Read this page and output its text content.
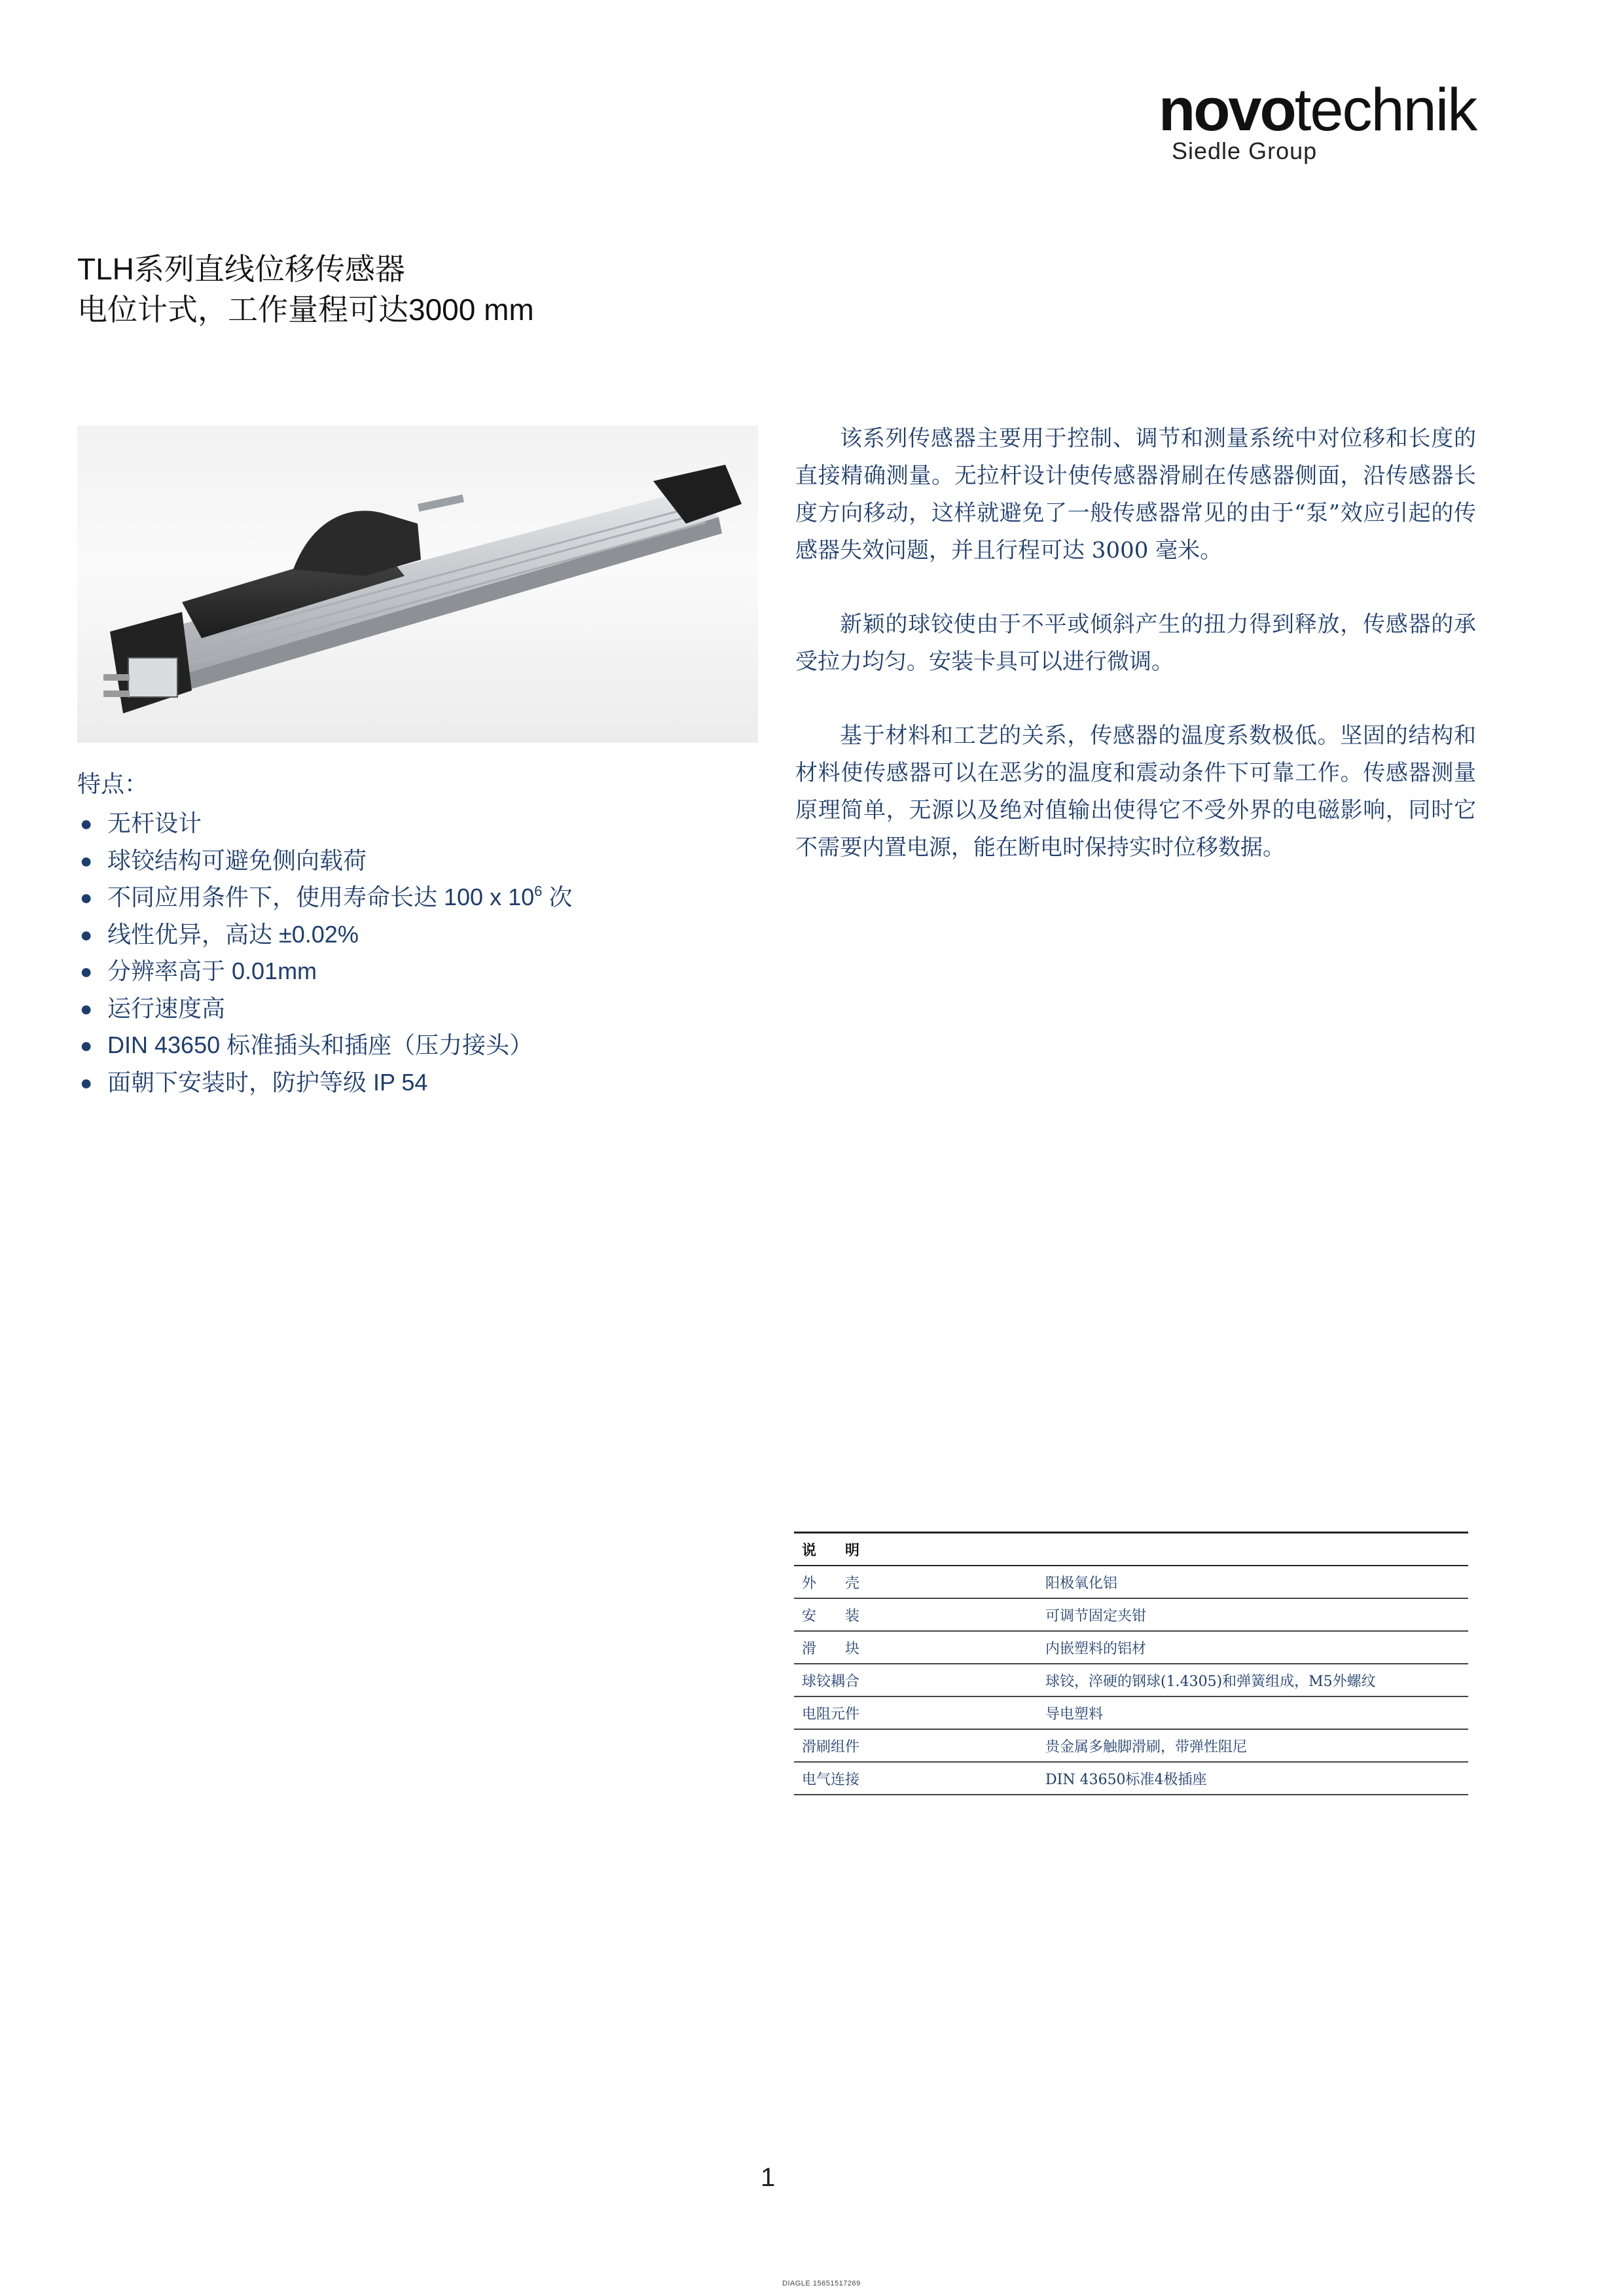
novotechnik
Siedle Group
TLH系列直线位移传感器
电位计式，工作量程可达3000 mm
特点：
● 无杆设计
● 球铰结构可避免侧向载荷
● 不同应用条件下，使用寿命长达 100 x $10^6$ 次
● 线性优异，高达 ±0.02%
● 分辨率高于 0.01mm
● 运行速度高
● DIN 43650 标准插头和插座（压力接头）
● 面朝下安装时，防护等级 IP 54

该系列传感器主要用于控制、调节和测量系统中对位移和长度的直接精确测量。无拉杆设计使传感器滑刷在传感器侧面，沿传感器长度方向移动，这样就避免了一般传感器常见的由于“泵”效应引起的传感器失效问题，并且行程可达 3000 毫米。

新颖的球铰使由于不平或倾斜产生的扭力得到释放，传感器的承受拉力均匀。安装卡具可以进行微调。

基于材料和工艺的关系，传感器的温度系数极低。坚固的结构和材料使传感器可以在恶劣的温度和震动条件下可靠工作。传感器测量原理简单，无源以及绝对值输出使得它不受外界的电磁影响，同时它不需要内置电源，能在断电时保持实时位移数据。

说　　明	
外　　壳	阳极氧化铝
安　　装	可调节固定夹钳
滑　　块	内嵌塑料的铝材
球铰耦合	球铰，淬硬的钢球(1.4305)和弹簧组成，M5外螺纹
电阻元件	导电塑料
滑刷组件	贵金属多触脚滑刷，带弹性阻尼
电气连接	DIN 43650标准4极插座
1
DIAGLE 15651517269
